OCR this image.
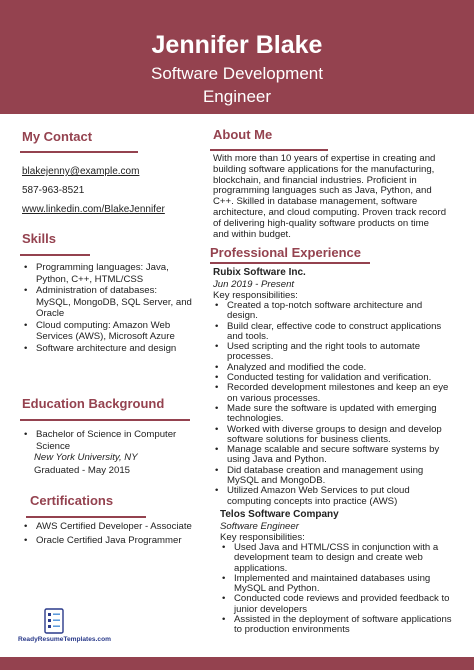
Jennifer Blake
Software Development
Engineer
My Contact
blakejenny@example.com
587-963-8521
www.linkedin.com/BlakeJennifer
Skills
• Programming languages: Java, Python, C++, HTML/CSS
• Administration of databases: MySQL, MongoDB, SQL Server, and Oracle
• Cloud computing: Amazon Web Services (AWS), Microsoft Azure
• Software architecture and design
Education Background
• Bachelor of Science in Computer Science
New York University, NY
Graduated - May 2015
Certifications
• AWS Certified Developer - Associate
• Oracle Certified Java Programmer
ReadyResumeTemplates.com
About Me
With more than 10 years of expertise in creating and building software applications for the manufacturing, blockchain, and financial industries. Proficient in programming languages such as Java, Python, and C++. Skilled in database management, software architecture, and cloud computing. Proven track record of delivering high-quality software products on time and within budget.
Professional Experience
Rubix Software Inc.
Jun 2019 - Present
Key responsibilities:
• Created a top-notch software architecture and design.
• Build clear, effective code to construct applications and tools.
• Used scripting and the right tools to automate processes.
• Analyzed and modified the code.
• Conducted testing for validation and verification.
• Recorded development milestones and keep an eye on various processes.
• Made sure the software is updated with emerging technologies.
• Worked with diverse groups to design and develop software solutions for business clients.
• Manage scalable and secure software systems by using Java and Python.
• Did database creation and management using MySQL and MongoDB.
• Utilized Amazon Web Services to put cloud computing concepts into practice (AWS)
Telos Software Company
Software Engineer
Key responsibilities:
• Used Java and HTML/CSS in conjunction with a development team to design and create web applications.
• Implemented and maintained databases using MySQL and Python.
• Conducted code reviews and provided feedback to junior developers
• Assisted in the deployment of software applications to production environments
